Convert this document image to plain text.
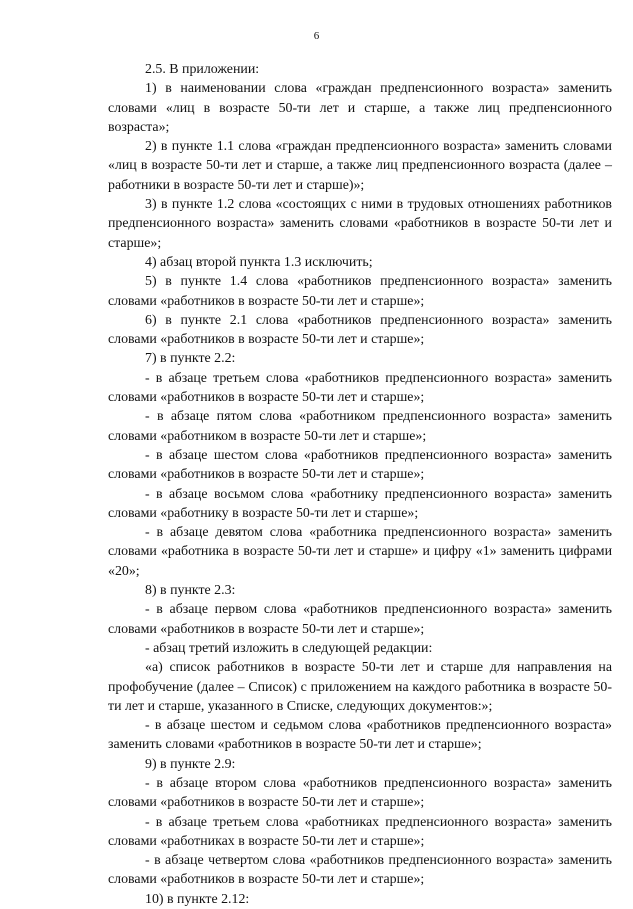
6

2.5. В приложении:

1) в наименовании слова «граждан предпенсионного возраста» заменить словами «лиц в возрасте 50-ти лет и старше, а также лиц предпенсионного возраста»;

2) в пункте 1.1 слова «граждан предпенсионного возраста» заменить словами «лиц в возрасте 50-ти лет и старше, а также лиц предпенсионного возраста (далее – работники в возрасте 50-ти лет и старше)»;

3) в пункте 1.2 слова «состоящих с ними в трудовых отношениях работников предпенсионного возраста» заменить словами «работников в возрасте 50-ти лет и старше»;

4) абзац второй пункта 1.3 исключить;

5) в пункте 1.4 слова «работников предпенсионного возраста» заменить словами «работников в возрасте 50-ти лет и старше»;

6) в пункте 2.1 слова «работников предпенсионного возраста» заменить словами «работников в возрасте 50-ти лет и старше»;

7) в пункте 2.2:

- в абзаце третьем слова «работников предпенсионного возраста» заменить словами «работников в возрасте 50-ти лет и старше»;

- в абзаце пятом слова «работником предпенсионного возраста» заменить словами «работником в возрасте 50-ти лет и старше»;

- в абзаце шестом слова «работников предпенсионного возраста» заменить словами «работников в возрасте 50-ти лет и старше»;

- в абзаце восьмом слова «работнику предпенсионного возраста» заменить словами «работнику в возрасте 50-ти лет и старше»;

- в абзаце девятом слова «работника предпенсионного возраста» заменить словами «работника в возрасте 50-ти лет и старше» и цифру «1» заменить цифрами «20»;

8) в пункте 2.3:

- в абзаце первом слова «работников предпенсионного возраста» заменить словами «работников в возрасте 50-ти лет и старше»;

- абзац третий изложить в следующей редакции:

«а) список работников в возрасте 50-ти лет и старше для направления на профобучение (далее – Список) с приложением на каждого работника в возрасте 50-ти лет и старше, указанного в Списке, следующих документов:»;

- в абзаце шестом и седьмом слова «работников предпенсионного возраста» заменить словами «работников в возрасте 50-ти лет и старше»;

9) в пункте 2.9:

- в абзаце втором слова «работников предпенсионного возраста» заменить словами «работников в возрасте 50-ти лет и старше»;

- в абзаце третьем слова «работниках предпенсионного возраста» заменить словами «работниках в возрасте 50-ти лет и старше»;

- в абзаце четвертом слова «работников предпенсионного возраста» заменить словами «работников в возрасте 50-ти лет и старше»;

10) в пункте 2.12:
